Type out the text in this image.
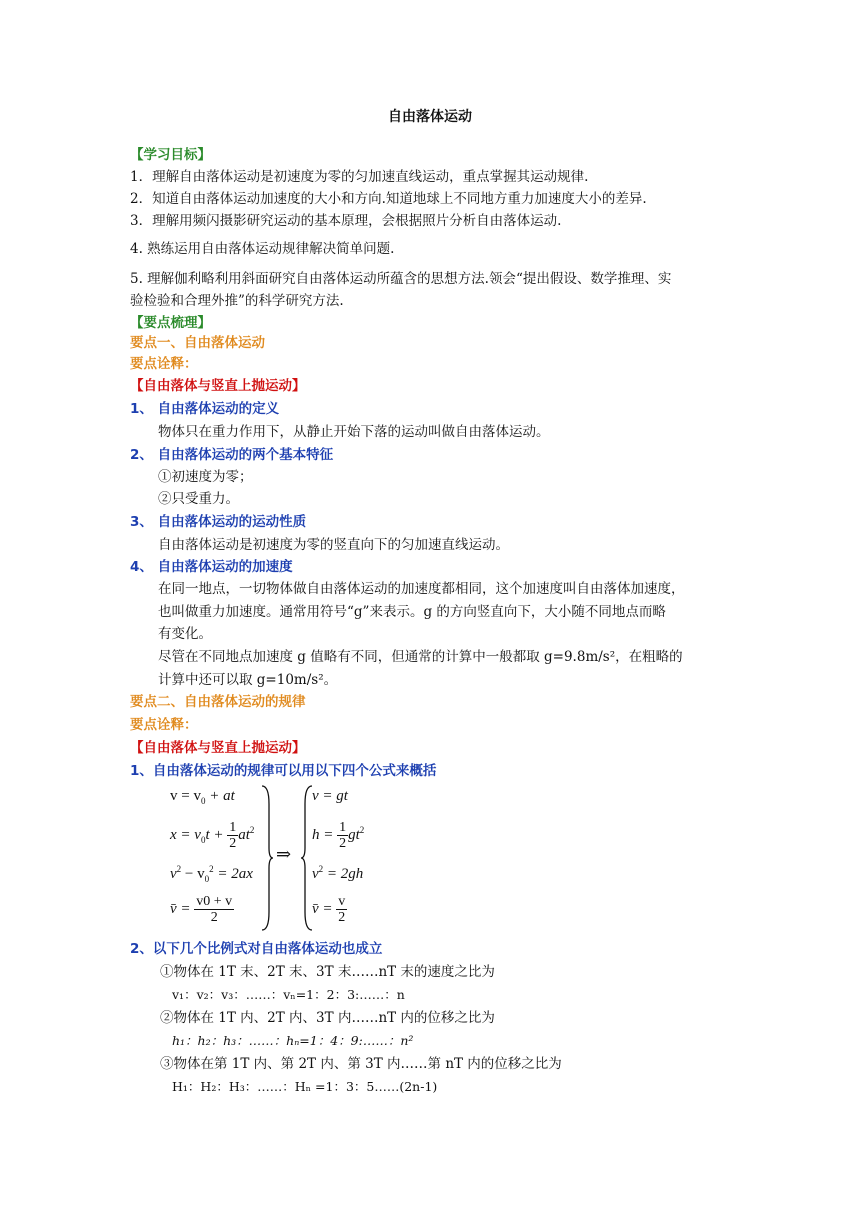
自由落体运动
【学习目标】
1．理解自由落体运动是初速度为零的匀加速直线运动，重点掌握其运动规律.
2．知道自由落体运动加速度的大小和方向.知道地球上不同地方重力加速度大小的差异.
3．理解用频闪摄影研究运动的基本原理，会根据照片分析自由落体运动.
4. 熟练运用自由落体运动规律解决简单问题.
5. 理解伽利略利用斜面研究自由落体运动所蕴含的思想方法.领会“提出假设、数学推理、实
验检验和合理外推”的科学研究方法.
【要点梳理】
要点一、自由落体运动
要点诠释：
【自由落体与竖直上抛运动】
1、 自由落体运动的定义
物体只在重力作用下，从静止开始下落的运动叫做自由落体运动。
2、 自由落体运动的两个基本特征
①初速度为零；
②只受重力。
3、 自由落体运动的运动性质
自由落体运动是初速度为零的竖直向下的匀加速直线运动。
4、 自由落体运动的加速度
在同一地点，一切物体做自由落体运动的加速度都相同，这个加速度叫自由落体加速度，
也叫做重力加速度。通常用符号“g”来表示。g 的方向竖直向下，大小随不同地点而略
有变化。
尽管在不同地点加速度 g 值略有不同，但通常的计算中一般都取 g=9.8m/s²，在粗略的
计算中还可以取 g=10m/s²。
要点二、自由落体运动的规律
要点诠释：
【自由落体与竖直上抛运动】
1、自由落体运动的规律可以用以下四个公式来概括
$v = v_0$ + at
$x = v_0t + \frac{1}{2} at^2$
$v^2 - v_0^2 = 2ax$
v̄ = $\frac{v0 + v}{2}$
⇒
v = gt
$h = \frac{1}{2} gt^2$
$v^2 = 2gh$
v̄ = $\frac{v}{2}$
2、以下几个比例式对自由落体运动也成立
①物体在 1T 末、2T 末、3T 末……nT 末的速度之比为
v₁：v₂：v₃：……：vₙ=1：2：3:……：n
②物体在 1T 内、2T 内、3T 内……nT 内的位移之比为
h₁：h₂：h₃：……：hₙ=1：4：9:……：n²
③物体在第 1T 内、第 2T 内、第 3T 内……第 nT 内的位移之比为
H₁：H₂：H₃：……：Hₙ =1：3：5……(2n-1)
